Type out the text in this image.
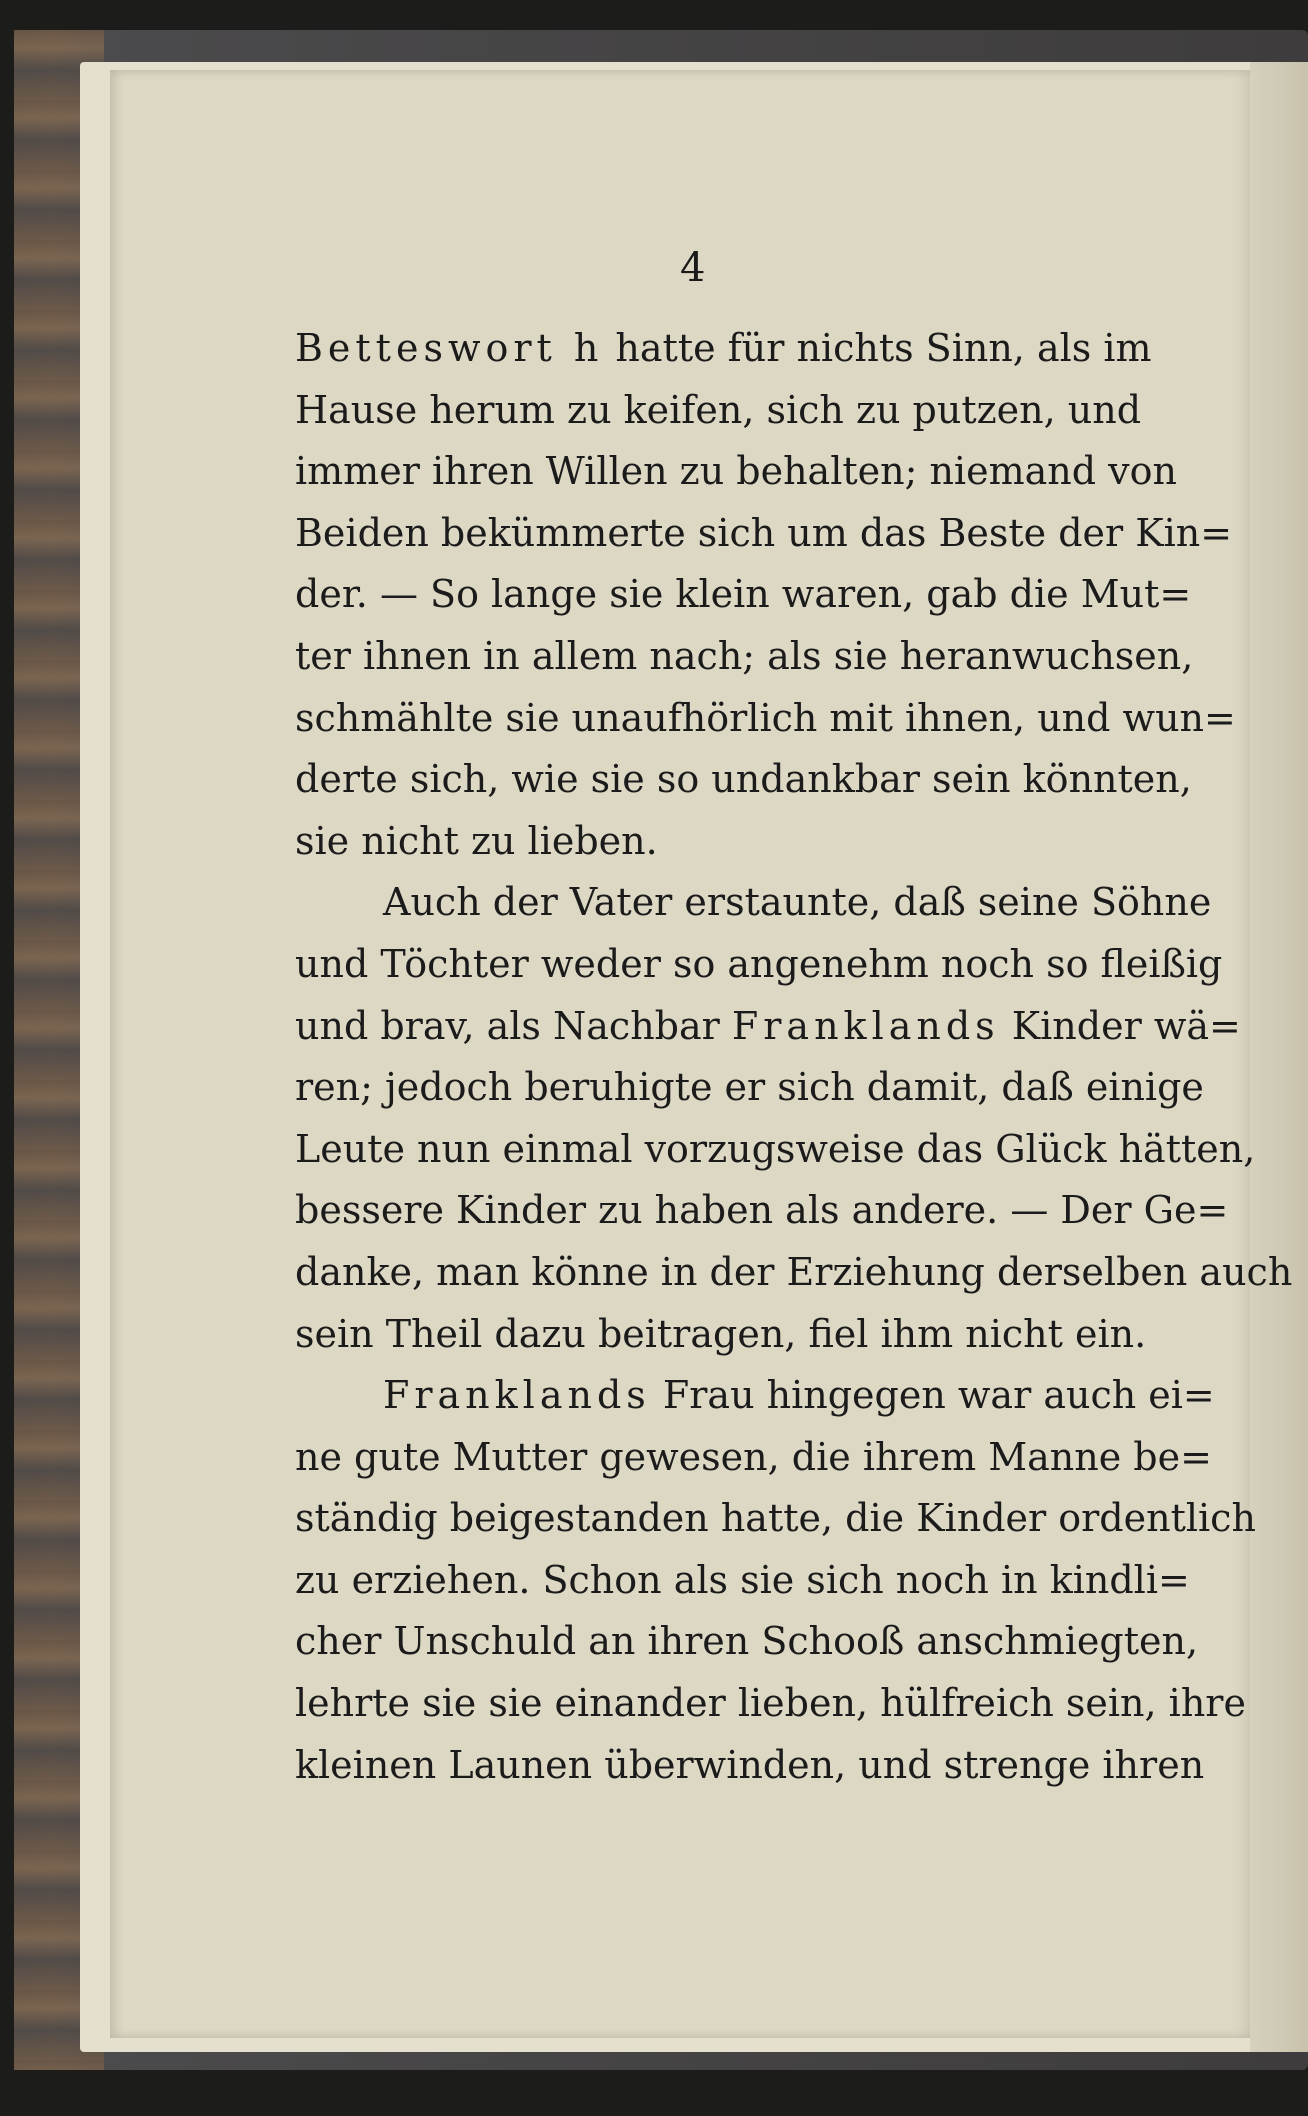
4
Betteswort h hatte für nichts Sinn, als im
Hause herum zu keifen, sich zu putzen, und
immer ihren Willen zu behalten; niemand von
Beiden bekümmerte sich um das Beste der Kin=
der. — So lange sie klein waren, gab die Mut=
ter ihnen in allem nach; als sie heranwuchsen,
schmählte sie unaufhörlich mit ihnen, und wun=
derte sich, wie sie so undankbar sein könnten,
sie nicht zu lieben.
Auch der Vater erstaunte, daß seine Söhne
und Töchter weder so angenehm noch so fleißig
und brav, als Nachbar Franklands Kinder wä=
ren; jedoch beruhigte er sich damit, daß einige
Leute nun einmal vorzugsweise das Glück hätten,
bessere Kinder zu haben als andere. — Der Ge=
danke, man könne in der Erziehung derselben auch
sein Theil dazu beitragen, fiel ihm nicht ein.
Franklands Frau hingegen war auch ei=
ne gute Mutter gewesen, die ihrem Manne be=
ständig beigestanden hatte, die Kinder ordentlich
zu erziehen. Schon als sie sich noch in kindli=
cher Unschuld an ihren Schooß anschmiegten,
lehrte sie sie einander lieben, hülfreich sein, ihre
kleinen Launen überwinden, und strenge ihren
